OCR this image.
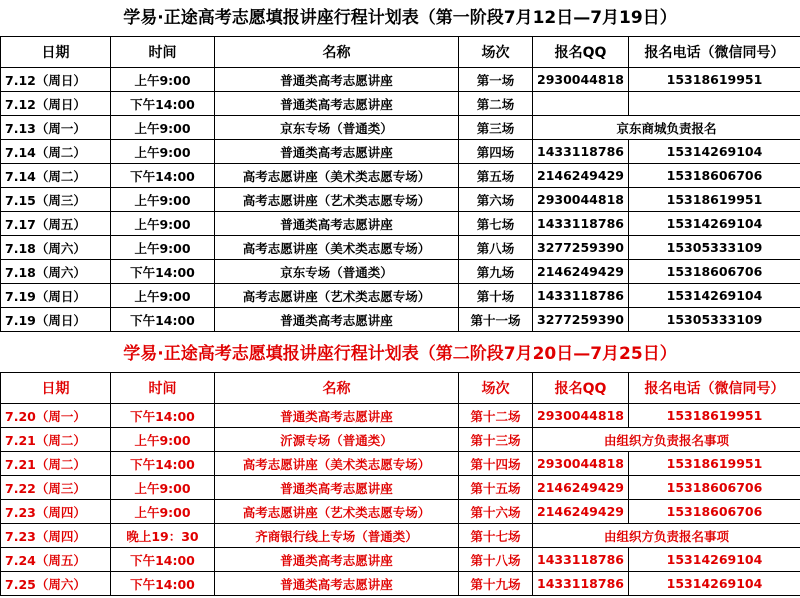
学易·正途高考志愿填报讲座行程计划表（第一阶段7月12日—7月19日）
日期	时间	名称	场次	报名QQ	报名电话（微信同号）
7.12（周日）	上午9:00	普通类高考志愿讲座	第一场	2930044818	15318619951
7.12（周日）	下午14:00	普通类高考志愿讲座	第二场		
7.13（周一）	上午9:00	京东专场（普通类）	第三场	京东商城负责报名	
7.14（周二）	上午9:00	普通类高考志愿讲座	第四场	1433118786	15314269104
7.14（周二）	下午14:00	高考志愿讲座（美术类志愿专场）	第五场	2146249429	15318606706
7.15（周三）	上午9:00	高考志愿讲座（艺术类志愿专场）	第六场	2930044818	15318619951
7.17（周五）	上午9:00	普通类高考志愿讲座	第七场	1433118786	15314269104
7.18（周六）	上午9:00	高考志愿讲座（美术类志愿专场）	第八场	3277259390	15305333109
7.18（周六）	下午14:00	京东专场（普通类）	第九场	2146249429	15318606706
7.19（周日）	上午9:00	高考志愿讲座（艺术类志愿专场）	第十场	1433118786	15314269104
7.19（周日）	下午14:00	普通类高考志愿讲座	第十一场	3277259390	15305333109
学易·正途高考志愿填报讲座行程计划表（第二阶段7月20日—7月25日）
日期	时间	名称	场次	报名QQ	报名电话（微信同号）
7.20（周一）	下午14:00	普通类高考志愿讲座	第十二场	2930044818	15318619951
7.21（周二）	上午9:00	沂源专场（普通类）	第十三场	由组织方负责报名事项	
7.21（周二）	下午14:00	高考志愿讲座（美术类志愿专场）	第十四场	2930044818	15318619951
7.22（周三）	上午9:00	普通类高考志愿讲座	第十五场	2146249429	15318606706
7.23（周四）	上午9:00	高考志愿讲座（艺术类志愿专场）	第十六场	2146249429	15318606706
7.23（周四）	晚上19：30	齐商银行线上专场（普通类）	第十七场	由组织方负责报名事项	
7.24（周五）	下午14:00	普通类高考志愿讲座	第十八场	1433118786	15314269104
7.25（周六）	下午14:00	普通类高考志愿讲座	第十九场	1433118786	15314269104
